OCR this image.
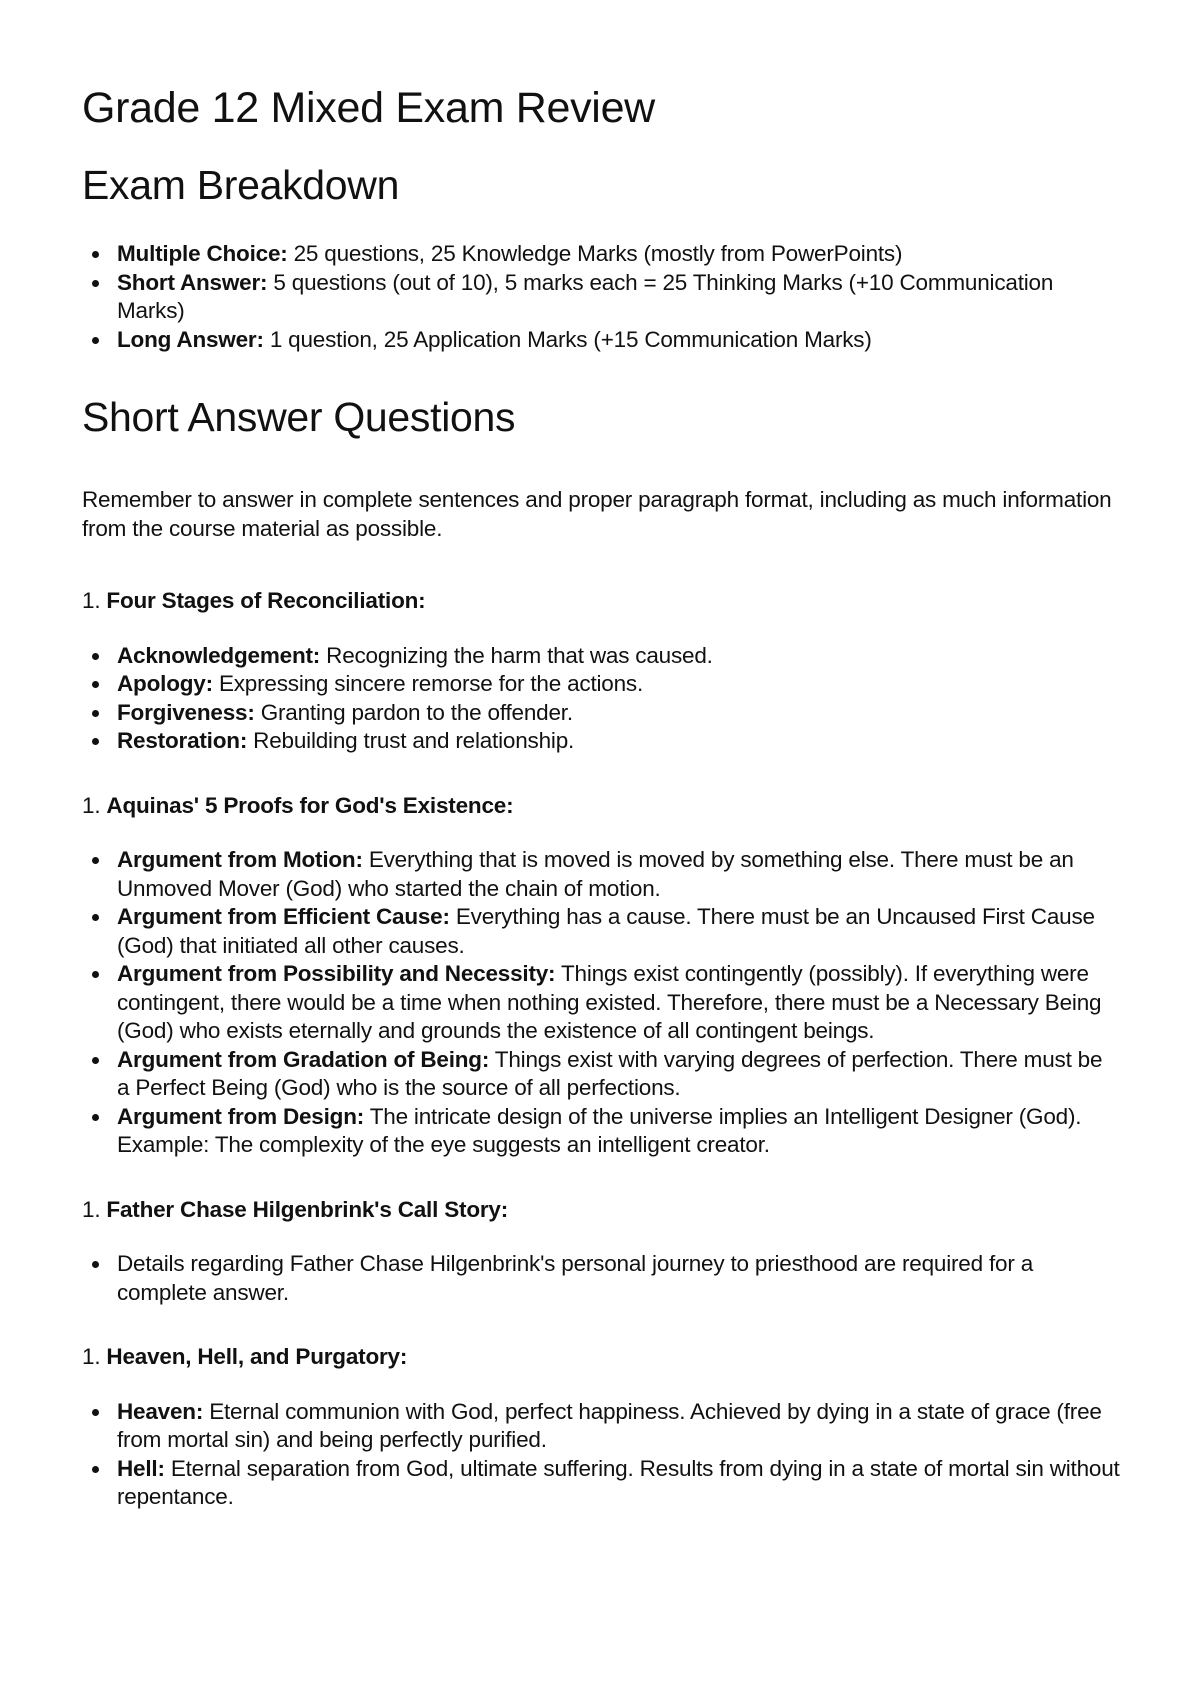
Grade 12 Mixed Exam Review
Exam Breakdown
Multiple Choice: 25 questions, 25 Knowledge Marks (mostly from PowerPoints)
Short Answer: 5 questions (out of 10), 5 marks each = 25 Thinking Marks (+10 Communication Marks)
Long Answer: 1 question, 25 Application Marks (+15 Communication Marks)
Short Answer Questions

Remember to answer in complete sentences and proper paragraph format, including as much information from the course material as possible.

1. Four Stages of Reconciliation:

Acknowledgement: Recognizing the harm that was caused.
Apology: Expressing sincere remorse for the actions.
Forgiveness: Granting pardon to the offender.
Restoration: Rebuilding trust and relationship.

1. Aquinas' 5 Proofs for God's Existence:

Argument from Motion: Everything that is moved is moved by something else. There must be an Unmoved Mover (God) who started the chain of motion.
Argument from Efficient Cause: Everything has a cause. There must be an Uncaused First Cause (God) that initiated all other causes.
Argument from Possibility and Necessity: Things exist contingently (possibly). If everything were contingent, there would be a time when nothing existed. Therefore, there must be a Necessary Being (God) who exists eternally and grounds the existence of all contingent beings.
Argument from Gradation of Being: Things exist with varying degrees of perfection. There must be a Perfect Being (God) who is the source of all perfections.
Argument from Design: The intricate design of the universe implies an Intelligent Designer (God). Example: The complexity of the eye suggests an intelligent creator.

1. Father Chase Hilgenbrink's Call Story:

Details regarding Father Chase Hilgenbrink's personal journey to priesthood are required for a complete answer.

1. Heaven, Hell, and Purgatory:

Heaven: Eternal communion with God, perfect happiness. Achieved by dying in a state of grace (free from mortal sin) and being perfectly purified.
Hell: Eternal separation from God, ultimate suffering. Results from dying in a state of mortal sin without repentance.
